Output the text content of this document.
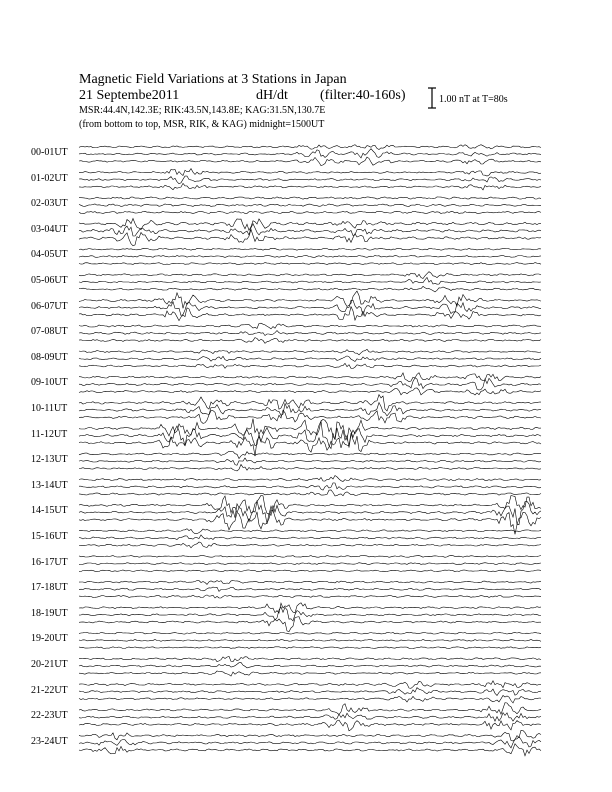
Magnetic Field Variations at 3 Stations in Japan
21 Septembe2011	dH/dt (filter:40-160s)
MSR:44.4N,142.3E; RIK:43.5N,143.8E; KAG:31.5N,130.7E
(from bottom to top, MSR, RIK, & KAG) midnight=1500UT
1.00 nT at T=80s
00-01UT
01-02UT
02-03UT
03-04UT
04-05UT
05-06UT
06-07UT
07-08UT
08-09UT
09-10UT
10-11UT
11-12UT
12-13UT
13-14UT
14-15UT
15-16UT
16-17UT
17-18UT
18-19UT
19-20UT
20-21UT
21-22UT
22-23UT
23-24UT
